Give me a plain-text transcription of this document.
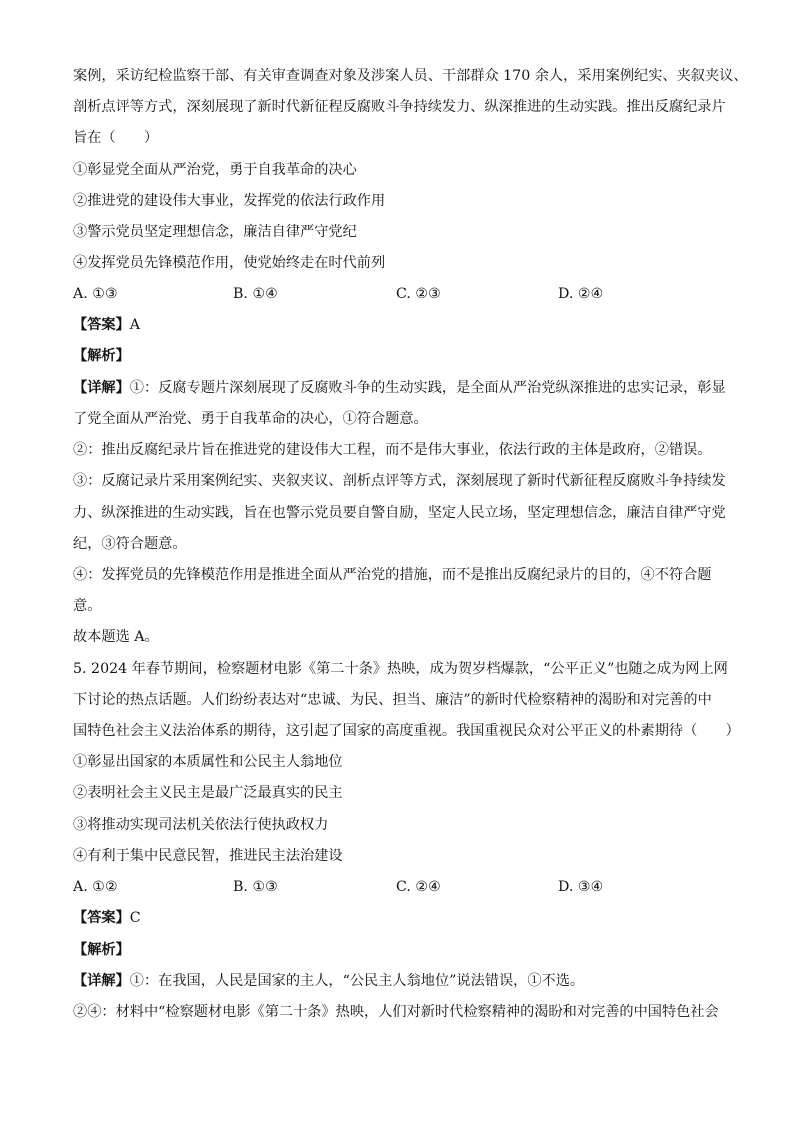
案例，采访纪检监察干部、有关审查调查对象及涉案人员、干部群众 170 余人，采用案例纪实、夹叙夹议、
剖析点评等方式，深刻展现了新时代新征程反腐败斗争持续发力、纵深推进的生动实践。推出反腐纪录片
旨在（　　）
①彰显党全面从严治党，勇于自我革命的决心
②推进党的建设伟大事业，发挥党的依法行政作用
③警示党员坚定理想信念，廉洁自律严守党纪
④发挥党员先锋模范作用，使党始终走在时代前列
A. ①③	B. ①④	C. ②③	D. ②④
【答案】A
【解析】
【详解】①：反腐专题片深刻展现了反腐败斗争的生动实践，是全面从严治党纵深推进的忠实记录，彰显
了党全面从严治党、勇于自我革命的决心，①符合题意。
②：推出反腐纪录片旨在推进党的建设伟大工程，而不是伟大事业，依法行政的主体是政府，②错误。
③：反腐记录片采用案例纪实、夹叙夹议、剖析点评等方式，深刻展现了新时代新征程反腐败斗争持续发
力、纵深推进的生动实践，旨在也警示党员要自警自励，坚定人民立场，坚定理想信念，廉洁自律严守党
纪，③符合题意。
④：发挥党员的先锋模范作用是推进全面从严治党的措施，而不是推出反腐纪录片的目的，④不符合题
意。
故本题选 A。
5. 2024 年春节期间，检察题材电影《第二十条》热映，成为贺岁档爆款，“公平正义”也随之成为网上网
下讨论的热点话题。人们纷纷表达对“忠诚、为民、担当、廉洁”的新时代检察精神的渴盼和对完善的中
国特色社会主义法治体系的期待，这引起了国家的高度重视。我国重视民众对公平正义的朴素期待（　　）
①彰显出国家的本质属性和公民主人翁地位
②表明社会主义民主是最广泛最真实的民主
③将推动实现司法机关依法行使执政权力
④有利于集中民意民智，推进民主法治建设
A. ①②	B. ①③	C. ②④	D. ③④
【答案】C
【解析】
【详解】①：在我国，人民是国家的主人，“公民主人翁地位”说法错误，①不选。
②④：材料中“检察题材电影《第二十条》热映，人们对新时代检察精神的渴盼和对完善的中国特色社会
